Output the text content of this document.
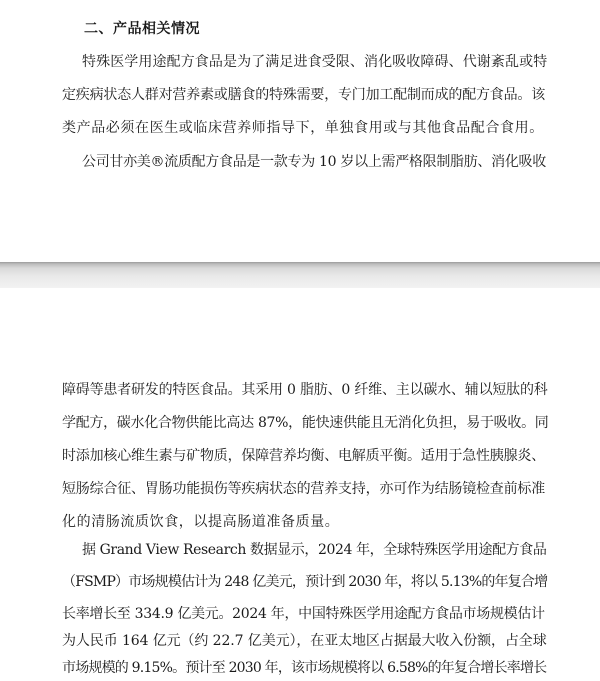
二、产品相关情况
特殊医学用途配方食品是为了满足进食受限、消化吸收障碍、代谢紊乱或特
定疾病状态人群对营养素或膳食的特殊需要，专门加工配制而成的配方食品。该
类产品必须在医生或临床营养师指导下，单独食用或与其他食品配合食用。
公司甘亦美®流质配方食品是一款专为 10 岁以上需严格限制脂肪、消化吸收
障碍等患者研发的特医食品。其采用 0 脂肪、0 纤维、主以碳水、辅以短肽的科
学配方，碳水化合物供能比高达 87%，能快速供能且无消化负担，易于吸收。同
时添加核心维生素与矿物质，保障营养均衡、电解质平衡。适用于急性胰腺炎、
短肠综合征、胃肠功能损伤等疾病状态的营养支持，亦可作为结肠镜检查前标准
化的清肠流质饮食，以提高肠道准备质量。
据 Grand View Research 数据显示，2024 年，全球特殊医学用途配方食品
（FSMP）市场规模估计为 248 亿美元，预计到 2030 年，将以 5.13%的年复合增
长率增长至 334.9 亿美元。2024 年，中国特殊医学用途配方食品市场规模估计
为人民币 164 亿元（约 22.7 亿美元），在亚太地区占据最大收入份额，占全球
市场规模的 9.15%。预计至 2030 年，该市场规模将以 6.58%的年复合增长率增长
